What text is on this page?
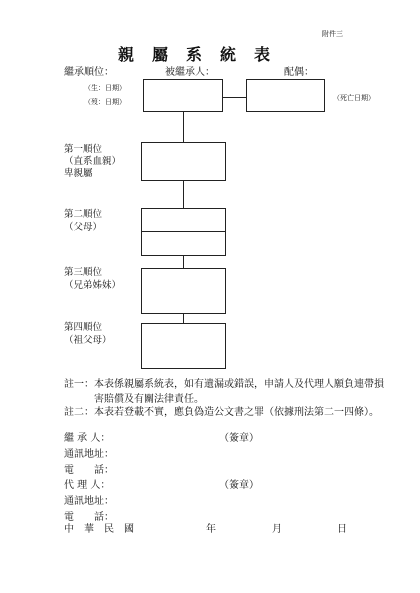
附件三
親屬系統表
繼承順位：	被繼承人：	配偶：
（生：日期）
（歿：日期）	（死亡日期）
第一順位
（直系血親）
卑親屬
第二順位
（父母）
第三順位
（兄弟姊妹）
第四順位
（祖父母）
註一： 本表係親屬系統表，如有遺漏或錯誤，申請人及代理人願負連帶損害賠償及有關法律責任。
註二： 本表若登載不實，應負偽造公文書之罪（依據刑法第二一四條）。
繼 承 人：	（簽章）
通訊地址：
電　　話：
代 理 人：	（簽章）
通訊地址：
電　　話：
中　華　民　國	年	月	日
